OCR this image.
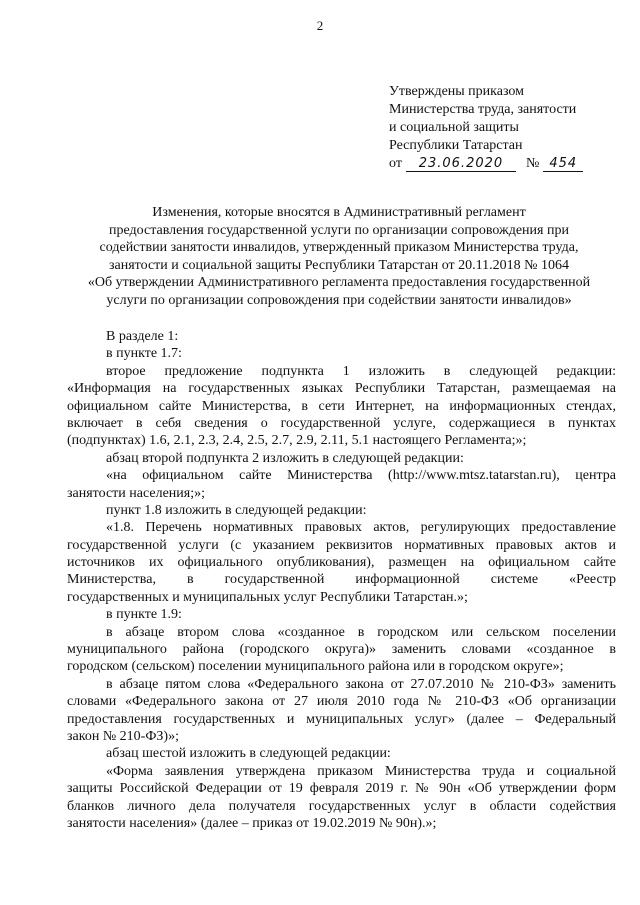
2
Утверждены приказом
Министерства труда, занятости
и социальной защиты
Республики Татарстан
от	23.06.2020	№ 454
Изменения, которые вносятся в Административный регламент
предоставления государственной услуги по организации сопровождения при
содействии занятости инвалидов, утвержденный приказом Министерства труда,
занятости и социальной защиты Республики Татарстан от 20.11.2018 № 1064
«Об утверждении Административного регламента предоставления государственной
услуги по организации сопровождения при содействии занятости инвалидов»
В разделе 1:
в пункте 1.7:
второе предложение подпункта 1 изложить в следующей редакции:
«Информация на государственных языках Республики Татарстан, размещаемая на
официальном сайте Министерства, в сети Интернет, на информационных стендах,
включает в себя сведения о государственной услуге, содержащиеся в пунктах
(подпунктах) 1.6, 2.1, 2.3, 2.4, 2.5, 2.7, 2.9, 2.11, 5.1 настоящего Регламента;»;
абзац второй подпункта 2 изложить в следующей редакции:
«на официальном сайте Министерства (http://www.mtsz.tatarstan.ru), центра
занятости населения;»;
пункт 1.8 изложить в следующей редакции:
«1.8. Перечень нормативных правовых актов, регулирующих предоставление
государственной услуги (с указанием реквизитов нормативных правовых актов и
источников их официального опубликования), размещен на официальном сайте
Министерства, в государственной информационной системе «Реестр
государственных и муниципальных услуг Республики Татарстан.»;
в пункте 1.9:
в абзаце втором слова «созданное в городском или сельском поселении
муниципального района (городского округа)» заменить словами «созданное в
городском (сельском) поселении муниципального района или в городском округе»;
в абзаце пятом слова «Федерального закона от 27.07.2010 № 210-ФЗ» заменить
словами «Федерального закона от 27 июля 2010 года № 210-ФЗ «Об организации
предоставления государственных и муниципальных услуг» (далее – Федеральный
закон № 210-ФЗ)»;
абзац шестой изложить в следующей редакции:
«Форма заявления утверждена приказом Министерства труда и социальной
защиты Российской Федерации от 19 февраля 2019 г. № 90н «Об утверждении форм
бланков личного дела получателя государственных услуг в области содействия
занятости населения» (далее – приказ от 19.02.2019 № 90н).»;
